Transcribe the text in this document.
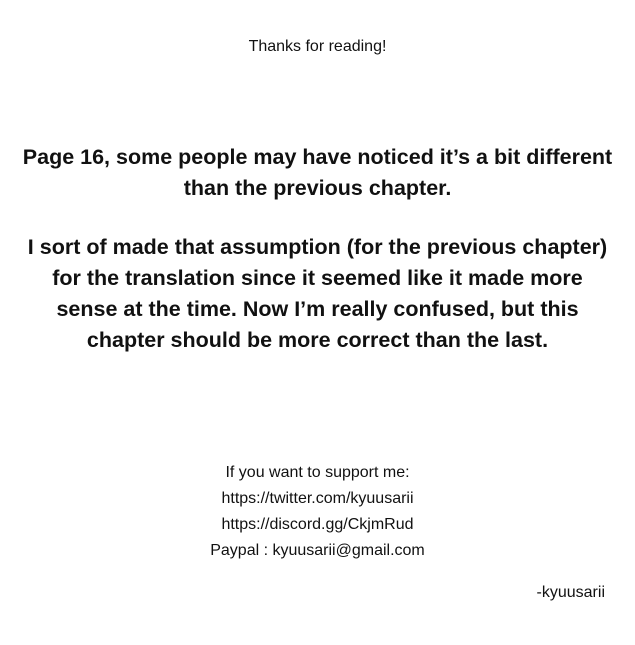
Thanks for reading!

Page 16, some people may have noticed it’s a bit different than the previous chapter.

I sort of made that assumption (for the previous chapter) for the translation since it seemed like it made more sense at the time. Now I’m really confused, but this chapter should be more correct than the last.

If you want to support me:
https://twitter.com/kyuusarii
https://discord.gg/CkjmRud
Paypal : kyuusarii@gmail.com
-kyuusarii
